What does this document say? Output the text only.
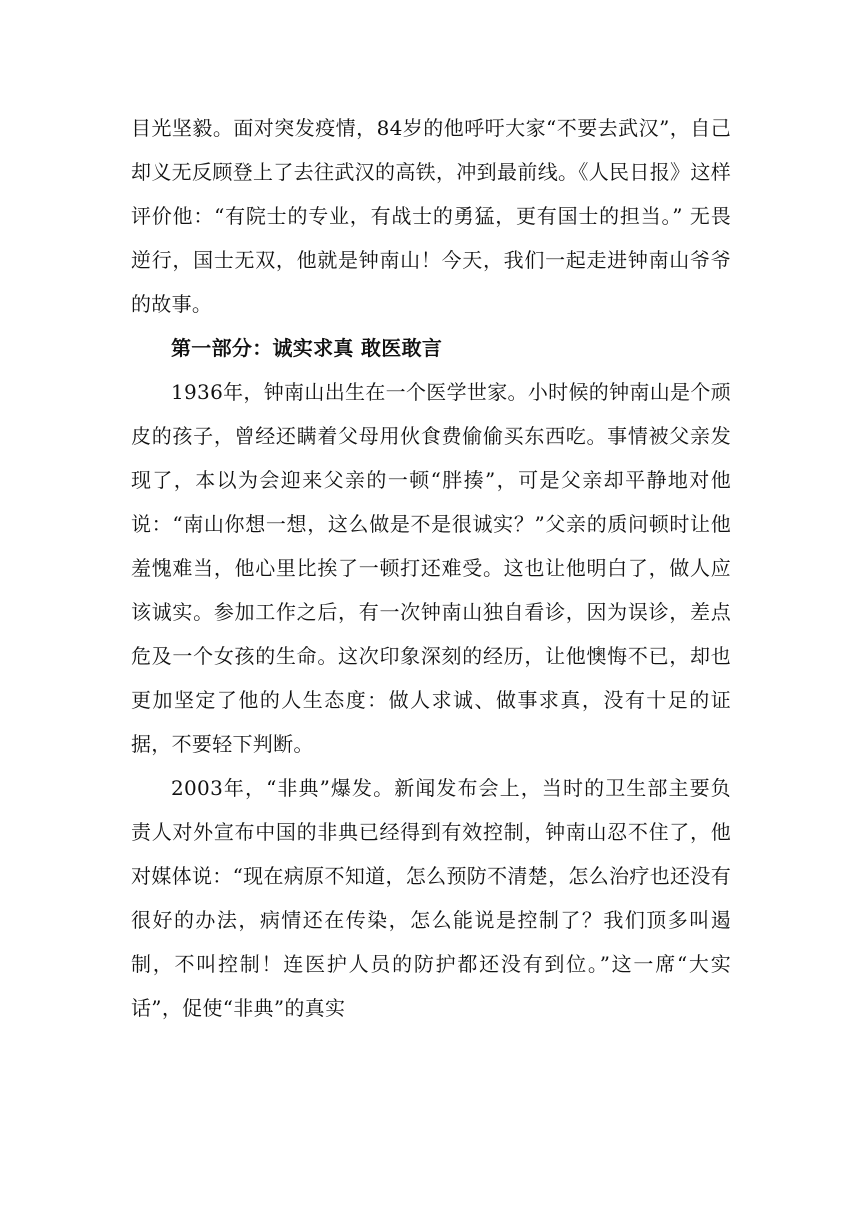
目光坚毅。面对突发疫情，84岁的他呼吁大家“不要去武汉”，自己却义无反顾登上了去往武汉的高铁，冲到最前线。《人民日报》这样评价他：“有院士的专业，有战士的勇猛，更有国士的担当。” 无畏逆行，国士无双，他就是钟南山！今天，我们一起走进钟南山爷爷的故事。

第一部分：诚实求真 敢医敢言

1936年，钟南山出生在一个医学世家。小时候的钟南山是个顽皮的孩子，曾经还瞒着父母用伙食费偷偷买东西吃。事情被父亲发现了，本以为会迎来父亲的一顿“胖揍”，可是父亲却平静地对他说：“南山你想一想，这么做是不是很诚实？”父亲的质问顿时让他羞愧难当，他心里比挨了一顿打还难受。这也让他明白了，做人应该诚实。参加工作之后，有一次钟南山独自看诊，因为误诊，差点危及一个女孩的生命。这次印象深刻的经历，让他懊悔不已，却也更加坚定了他的人生态度：做人求诚、做事求真，没有十足的证据，不要轻下判断。

2003年，“非典”爆发。新闻发布会上，当时的卫生部主要负责人对外宣布中国的非典已经得到有效控制，钟南山忍不住了，他对媒体说：“现在病原不知道，怎么预防不清楚，怎么治疗也还没有很好的办法，病情还在传染，怎么能说是控制了？我们顶多叫遏制，不叫控制！连医护人员的防护都还没有到位。”这一席“大实话”，促使“非典”的真实
